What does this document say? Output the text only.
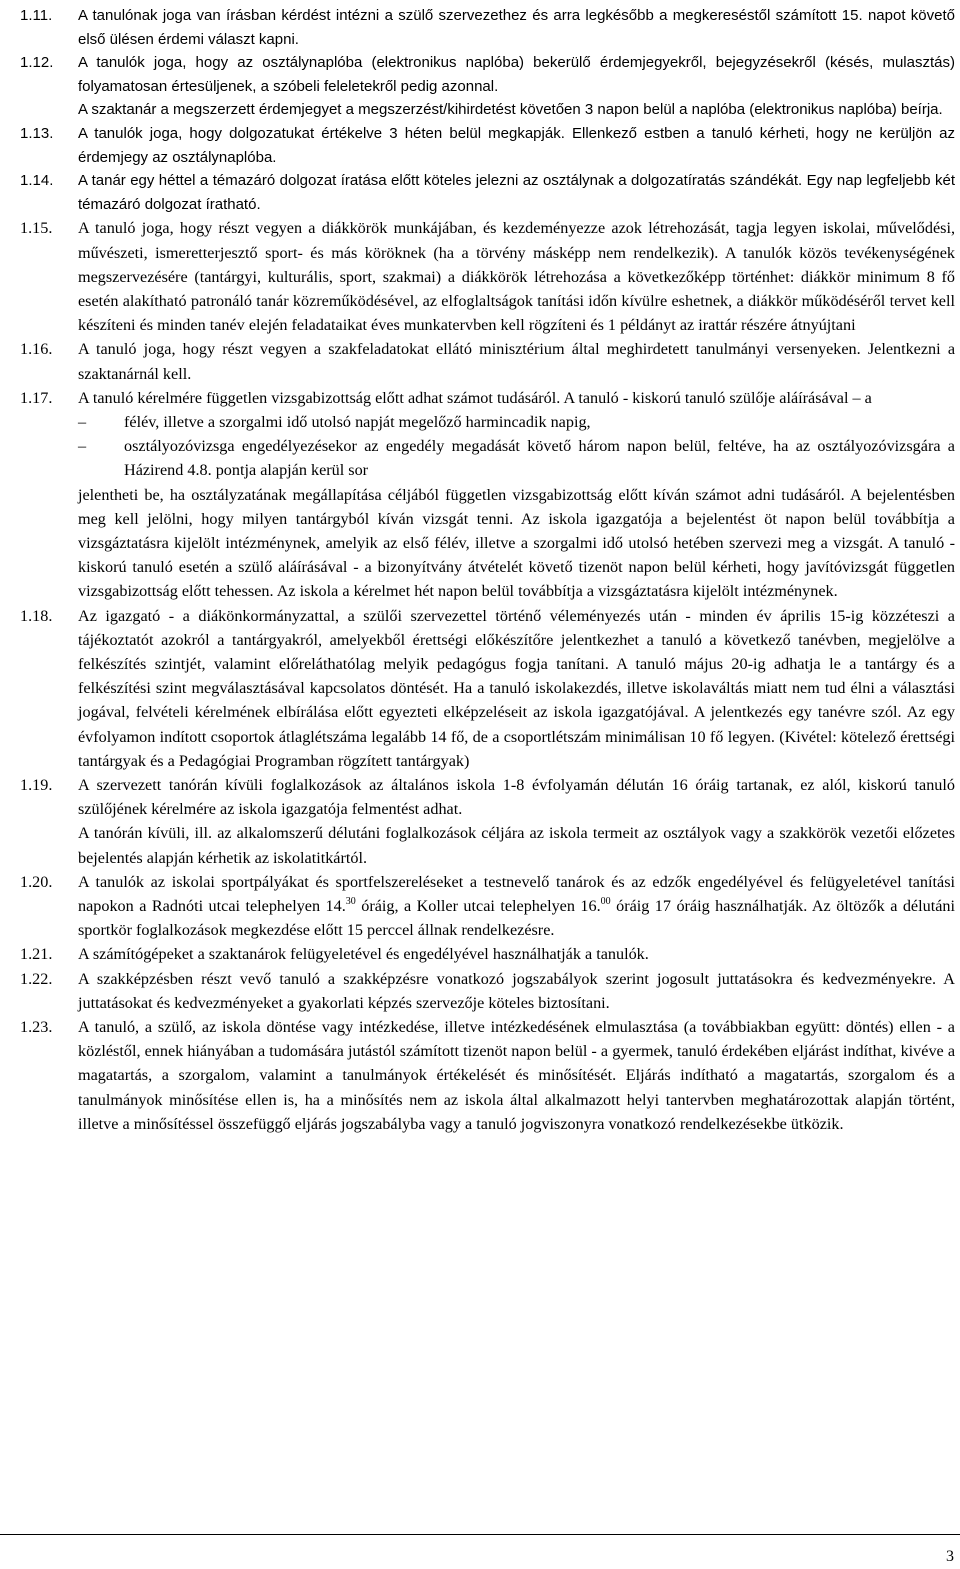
1.11.	A tanulónak joga van írásban kérdést intézni a szülő szervezethez és arra legkésőbb a megkereséstől számított 15. napot követő első ülésen érdemi választ kapni.

1.12.	A tanulók joga, hogy az osztálynaplóba (elektronikus naplóba) bekerülő érdemjegyekről, bejegyzésekről (késés, mulasztás) folyamatosan értesüljenek, a szóbeli feleletekről pedig azonnal.

A szaktanár a megszerzett érdemjegyet a megszerzést/kihirdetést követően 3 napon belül a naplóba (elektronikus naplóba) beírja.

1.13.	A tanulók joga, hogy dolgozatukat értékelve 3 héten belül megkapják. Ellenkező estben a tanuló kérheti, hogy ne kerüljön az érdemjegy az osztálynaplóba.

1.14.	A tanár egy héttel a témazáró dolgozat íratása előtt köteles jelezni az osztálynak a dolgozatíratás szándékát. Egy nap legfeljebb két témazáró dolgozat íratható.

1.15.	A tanuló joga, hogy részt vegyen a diákkörök munkájában, és kezdeményezze azok létrehozását, tagja legyen iskolai, művelődési, művészeti, ismeretterjesztő sport- és más köröknek (ha a törvény másképp nem rendelkezik). A tanulók közös tevékenységének megszervezésére (tantárgyi, kulturális, sport, szakmai) a diákkörök létrehozása a következőképp történhet: diákkör minimum 8 fő esetén alakítható patronáló tanár közreműködésével, az elfoglaltságok tanítási időn kívülre eshetnek, a diákkör működéséről tervet kell készíteni és minden tanév elején feladataikat éves munkatervben kell rögzíteni és 1 példányt az irattár részére átnyújtani

1.16.	A tanuló joga, hogy részt vegyen a szakfeladatokat ellátó minisztérium által meghirdetett tanulmányi versenyeken. Jelentkezni a szaktanárnál kell.

1.17.	A tanuló kérelmére független vizsgabizottság előtt adhat számot tudásáról. A tanuló - kiskorú tanuló szülője aláírásával – a

–	félév, illetve a szorgalmi idő utolsó napját megelőző harmincadik napig,
–	osztályozóvizsga engedélyezésekor az engedély megadását követő három napon belül, feltéve, ha az osztályozóvizsgára a Házirend 4.8. pontja alapján kerül sor

jelentheti be, ha osztályzatának megállapítása céljából független vizsgabizottság előtt kíván számot adni tudásáról. A bejelentésben meg kell jelölni, hogy milyen tantárgyból kíván vizsgát tenni. Az iskola igazgatója a bejelentést öt napon belül továbbítja a vizsgáztatásra kijelölt intézménynek, amelyik az első félév, illetve a szorgalmi idő utolsó hetében szervezi meg a vizsgát. A tanuló - kiskorú tanuló esetén a szülő aláírásával - a bizonyítvány átvételét követő tizenöt napon belül kérheti, hogy javítóvizsgát független vizsgabizottság előtt tehessen. Az iskola a kérelmet hét napon belül továbbítja a vizsgáztatásra kijelölt intézménynek.

1.18.	Az igazgató - a diákönkormányzattal, a szülői szervezettel történő véleményezés után - minden év április 15-ig közzéteszi a tájékoztatót azokról a tantárgyakról, amelyekből érettségi előkészítőre jelentkezhet a tanuló a következő tanévben, megjelölve a felkészítés szintjét, valamint előreláthatólag melyik pedagógus fogja tanítani. A tanuló május 20-ig adhatja le a tantárgy és a felkészítési szint megválasztásával kapcsolatos döntését. Ha a tanuló iskolakezdés, illetve iskolaváltás miatt nem tud élni a választási jogával, felvételi kérelmének elbírálása előtt egyezteti elképzeléseit az iskola igazgatójával. A jelentkezés egy tanévre szól. Az egy évfolyamon indított csoportok átlaglétszáma legalább 14 fő, de a csoportlétszám minimálisan 10 fő legyen. (Kivétel: kötelező érettségi tantárgyak és a Pedagógiai Programban rögzített tantárgyak)

1.19.	A szervezett tanórán kívüli foglalkozások az általános iskola 1-8 évfolyamán délután 16 óráig tartanak, ez alól, kiskorú tanuló szülőjének kérelmére az iskola igazgatója felmentést adhat.

A tanórán kívüli, ill. az alkalomszerű délutáni foglalkozások céljára az iskola termeit az osztályok vagy a szakkörök vezetői előzetes bejelentés alapján kérhetik az iskolatitkártól.

1.20.	A tanulók az iskolai sportpályákat és sportfelszereléseket a testnevelő tanárok és az edzők engedélyével és felügyeletével tanítási napokon a Radnóti utcai telephelyen 14.30 óráig, a Koller utcai telephelyen 16.00 óráig 17 óráig használhatják. Az öltözők a délutáni sportkör foglalkozások megkezdése előtt 15 perccel állnak rendelkezésre.

1.21.	A számítógépeket a szaktanárok felügyeletével és engedélyével használhatják a tanulók.

1.22.	A szakképzésben részt vevő tanuló a szakképzésre vonatkozó jogszabályok szerint jogosult juttatásokra és kedvezményekre. A juttatásokat és kedvezményeket a gyakorlati képzés szervezője köteles biztosítani.

1.23.	A tanuló, a szülő, az iskola döntése vagy intézkedése, illetve intézkedésének elmulasztása (a továbbiakban együtt: döntés) ellen - a közléstől, ennek hiányában a tudomására jutástól számított tizenöt napon belül - a gyermek, tanuló érdekében eljárást indíthat, kivéve a magatartás, a szorgalom, valamint a tanulmányok értékelését és minősítését. Eljárás indítható a magatartás, szorgalom és a tanulmányok minősítése ellen is, ha a minősítés nem az iskola által alkalmazott helyi tantervben meghatározottak alapján történt, illetve a minősítéssel összefüggő eljárás jogszabályba vagy a tanuló jogviszonyra vonatkozó rendelkezésekbe ütközik.

3
